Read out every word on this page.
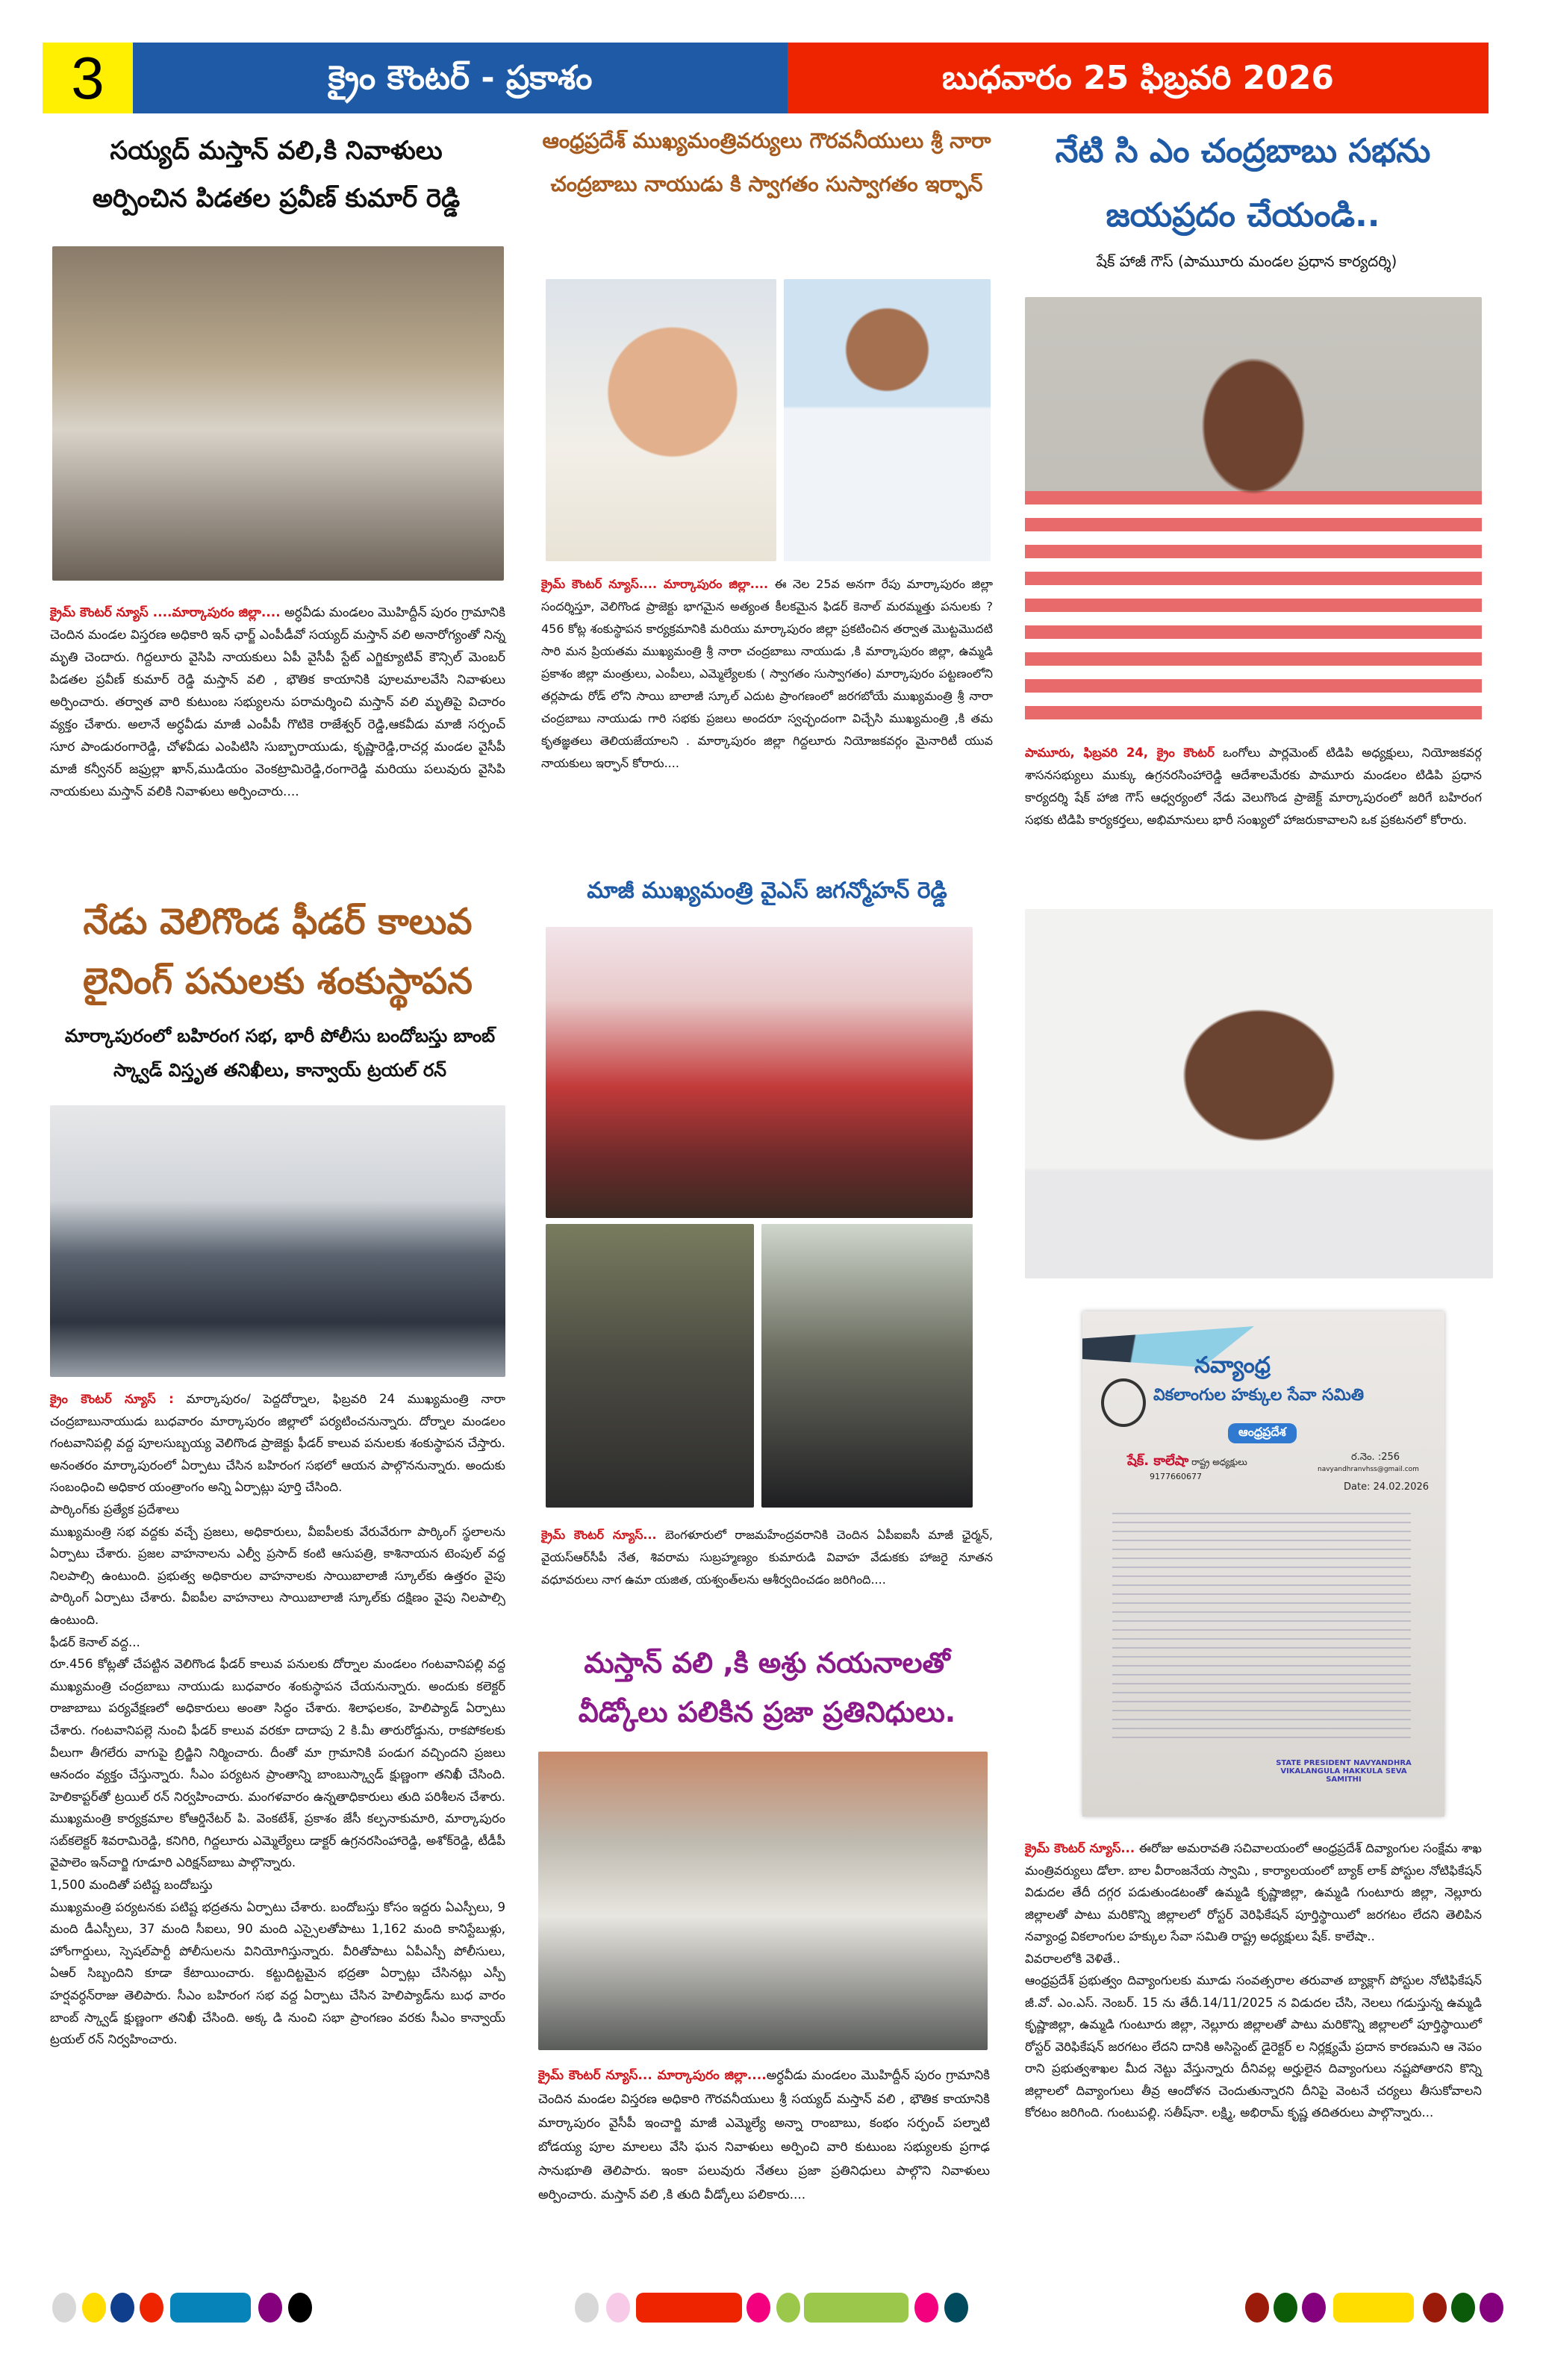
3	క్రైం కౌంటర్ - ప్రకాశం	బుధవారం 25 ఫిబ్రవరి 2026
సయ్యద్ మస్తాన్ వలి,కి నివాళులు అర్పించిన పిడతల ప్రవీణ్ కుమార్ రెడ్డి
క్రైమ్ కౌంటర్ న్యూస్ ....మార్కాపురం జిల్లా.... అర్ధవీడు మండలం మొహిద్దీన్ పురం గ్రామానికి చెందిన మండల విస్తరణ అధికారి ఇన్ ఛార్జ్ ఎంపీడీవో సయ్యద్ మస్తాన్ వలి అనారోగ్యంతో నిన్న మృతి చెందారు. గిద్దలూరు వైసిపి నాయకులు ఏపీ వైసీపీ స్టేట్ ఎగ్జిక్యూటివ్ కౌన్సిల్ మెంబర్ పిడతల ప్రవీణ్ కుమార్ రెడ్డి మస్తాన్ వలి , భౌతిక కాయానికి పూలమాలవేసి నివాళులు అర్పించారు. తర్వాత వారి కుటుంబ సభ్యులను పరామర్శించి మస్తాన్ వలి మృతిపై విచారం వ్యక్తం చేశారు. అలానే అర్ధవీడు మాజీ ఎంపీపీ గొటికె రాజేశ్వర్ రెడ్డి,ఆకవీడు మాజీ సర్పంచ్ సూర పాండురంగారెడ్డి, చోళవీడు ఎంపిటిసి సుబ్బారాయుడు, కృష్ణారెడ్డి,రాచర్ల మండల వైసీపీ మాజీ కన్వీనర్ జఫ్రుల్లా ఖాన్,ముడియం వెంకట్రామిరెడ్డి,రంగారెడ్డి మరియు పలువురు వైసిపి నాయకులు మస్తాన్ వలికి నివాళులు అర్పించారు....
నేడు వెలిగొండ ఫీడర్ కాలువ లైనింగ్ పనులకు శంకుస్థాపన
మార్కాపురంలో బహిరంగ సభ, భారీ పోలీసు బందోబస్తు బాంబ్ స్క్వాడ్ విస్తృత తనిఖీలు, కాన్వాయ్ ట్రయల్ రన్
క్రైం కౌంటర్ న్యూస్ : మార్కాపురం/ పెద్దదోర్నాల, ఫిబ్రవరి 24 ముఖ్యమంత్రి నారా చంద్రబాబునాయుడు బుధవారం మార్కాపురం జిల్లాలో పర్యటించనున్నారు. దోర్నాల మండలం గంటవానిపల్లి వద్ద పూలసుబ్బయ్య వెలిగొండ ప్రాజెక్టు ఫీడర్ కాలువ పనులకు శంకుస్థాపన చేస్తారు. అనంతరం మార్కాపురంలో ఏర్పాటు చేసిన బహిరంగ సభలో ఆయన పాల్గొననున్నారు. అందుకు సంబంధించి అధికార యంత్రాంగం అన్ని ఏర్పాట్లు పూర్తి చేసింది.
పార్కింగ్‌కు ప్రత్యేక ప్రదేశాలు
ముఖ్యమంత్రి సభ వద్దకు వచ్చే ప్రజలు, అధికారులు, వీఐపీలకు వేరువేరుగా పార్కింగ్ స్థలాలను ఏర్పాటు చేశారు. ప్రజల వాహనాలను ఎల్వీ ప్రసాద్ కంటి ఆసుపత్రి, కాశినాయన టెంపుల్ వద్ద నిలపాల్సి ఉంటుంది. ప్రభుత్వ అధికారుల వాహనాలకు సాయిబాలాజీ స్కూల్‌కు ఉత్తరం వైపు పార్కింగ్ ఏర్పాటు చేశారు. వీఐపీల వాహనాలు సాయిబాలాజీ స్కూల్‌కు దక్షిణం వైపు నిలపాల్సి ఉంటుంది.
ఫీడర్ కెనాల్ వద్ద...
రూ.456 కోట్లతో చేపట్టిన వెలిగొండ ఫీడర్ కాలువ పనులకు దోర్నాల మండలం గంటవానిపల్లి వద్ద ముఖ్యమంత్రి చంద్రబాబు నాయుడు బుధవారం శంకుస్థాపన చేయనున్నారు. అందుకు కలెక్టర్ రాజాబాబు పర్యవేక్షణలో అధికారులు అంతా సిద్ధం చేశారు. శిలాఫలకం, హెలిప్యాడ్ ఏర్పాటు చేశారు. గంటవానిపల్లె నుంచి ఫీడర్ కాలువ వరకూ దాదాపు 2 కి.మీ తారురోడ్డును, రాకపోకలకు వీలుగా తీగలేరు వాగుపై బ్రిడ్జిని నిర్మించారు. దీంతో మా గ్రామానికి పండుగ వచ్చిందని ప్రజలు ఆనందం వ్యక్తం చేస్తున్నారు. సీఎం పర్యటన ప్రాంతాన్ని బాంబుస్క్వాడ్ క్షుణ్ణంగా తనిఖీ చేసింది. హెలికాప్టర్‌తో ట్రయిల్ రన్ నిర్వహించారు. మంగళవారం ఉన్నతాధికారులు తుది పరిశీలన చేశారు. ముఖ్యమంత్రి కార్యక్రమాల కోఆర్డినేటర్ పి. వెంకటేశ్, ప్రకాశం జేసీ కల్పనాకుమారి, మార్కాపురం సబ్‌కలెక్టర్ శివరామిరెడ్డి, కనిగిరి, గిద్దలూరు ఎమ్మెల్యేలు డాక్టర్ ఉగ్రనరసింహారెడ్డి, అశోక్‌రెడ్డి, టీడీపీ వైపాలెం ఇన్‌చార్జి గూడూరి ఎరిక్షన్‌బాబు పాల్గొన్నారు.
1,500 మందితో పటిష్ట బందోబస్తు
ముఖ్యమంత్రి పర్యటనకు పటిష్ట భద్రతను ఏర్పాటు చేశారు. బందోబస్తు కోసం ఇద్దరు ఏఎస్పీలు, 9 మంది డీఎస్పీలు, 37 మంది సీఐలు, 90 మంది ఎస్సైలతోపాటు 1,162 మంది కానిస్టేబుళ్లు, హోంగార్డులు, స్పెషల్‌పార్టీ పోలీసులను వినియోగిస్తున్నారు. వీరితోపాటు ఏపీఎస్పీ పోలీసులు, ఏఆర్ సిబ్బందిని కూడా కేటాయించారు. కట్టుదిట్టమైన భద్రతా ఏర్పాట్లు చేసినట్లు ఎస్పీ హర్షవర్ధన్‌రాజు తెలిపారు. సీఎం బహిరంగ సభ వద్ద ఏర్పాటు చేసిన హెలిప్యాడ్‌ను బుధ వారం బాంబ్ స్క్వాడ్ క్షుణ్ణంగా తనిఖీ చేసింది. అక్క డి నుంచి సభా ప్రాంగణం వరకు సీఎం కాన్వాయ్ ట్రయల్ రన్ నిర్వహించారు.
ఆంధ్రప్రదేశ్ ముఖ్యమంత్రివర్యులు గౌరవనీయులు శ్రీ నారా చంద్రబాబు నాయుడు కి స్వాగతం సుస్వాగతం ఇర్ఫాన్
క్రైమ్ కౌంటర్ న్యూస్.... మార్కాపురం జిల్లా.... ఈ నెల 25వ అనగా రేపు మార్కాపురం జిల్లా సందర్శిస్తూ, వెలిగొండ ప్రాజెక్టు భాగమైన అత్యంత కీలకమైన ఫిడర్ కెనాల్ మరమ్మత్తు పనులకు ?456 కోట్ల శంకుస్థాపన కార్యక్రమానికి మరియు మార్కాపురం జిల్లా ప్రకటించిన తర్వాత మొట్టమొదటి సారి మన ప్రియతమ ముఖ్యమంత్రి శ్రీ నారా చంద్రబాబు నాయుడు ,కి మార్కాపురం జిల్లా, ఉమ్మడి ప్రకాశం జిల్లా మంత్రులు, ఎంపీలు, ఎమ్మెల్యేలకు ( స్వాగతం సుస్వాగతం) మార్కాపురం పట్టణంలోని తర్లపాడు రోడ్ లోని సాయి బాలాజీ స్కూల్ ఎదుట ప్రాంగణంలో జరగబోయే ముఖ్యమంత్రి శ్రీ నారా చంద్రబాబు నాయుడు గారి సభకు ప్రజలు అందరూ స్వచ్ఛందంగా విచ్చేసి ముఖ్యమంత్రి ,కి తమ కృతజ్ఞతలు తెలియజేయాలని . మార్కాపురం జిల్లా గిద్దలూరు నియోజకవర్గం మైనారిటీ యువ నాయకులు ఇర్ఫాన్ కోరారు....
మాజీ ముఖ్యమంత్రి వైఎస్ జగన్మోహన్ రెడ్డి
క్రైమ్ కౌంటర్ న్యూస్... బెంగళూరులో రాజమహేంద్రవరానికి చెందిన ఏపీఐఐసీ మాజీ ఛైర్మన్, వైయస్ఆర్‌సీపీ నేత, శివరామ సుబ్రహ్మణ్యం కుమారుడి వివాహ వేడుకకు హాజరై నూతన వధూవరులు నాగ ఉమా యజిత, యశ్వంత్‌లను ఆశీర్వదించడం జరిగింది....
మస్తాన్ వలి ,కి అశ్రు నయనాలతో వీడ్కోలు పలికిన ప్రజా ప్రతినిధులు.
క్రైమ్ కౌంటర్ న్యూస్... మార్కాపురం జిల్లా....అర్ధవీడు మండలం మొహిద్దీన్ పురం గ్రామానికి చెందిన మండల విస్తరణ అధికారి గౌరవనీయులు శ్రీ సయ్యద్ మస్తాన్ వలి , భౌతిక కాయానికి మార్కాపురం వైసీపీ ఇంచార్జి మాజీ ఎమ్మెల్యే అన్నా రాంబాబు, కంభం సర్పంచ్ పల్నాటి బోడయ్య పూల మాలలు వేసి ఘన నివాళులు అర్పించి వారి కుటుంబ సభ్యులకు ప్రగాఢ సానుభూతి తెలిపారు. ఇంకా పలువురు నేతలు ప్రజా ప్రతినిధులు పాల్గొని నివాళులు అర్పించారు. మస్తాన్ వలి ,కి తుది వీడ్కోలు పలికారు....
నేటి సి ఎం చంద్రబాబు సభను జయప్రదం చేయండి..
షేక్ హాజీ గౌస్ (పాముూరు మండల ప్రధాన కార్యదర్శి)
పామూరు, ఫిబ్రవరి 24, క్రైం కౌంటర్ ఒంగోలు పార్లమెంట్ టిడిపి అధ్యక్షులు, నియోజకవర్గ శాసనసభ్యులు ముక్కు ఉగ్రనరసింహారెడ్డి ఆదేశాలమేరకు పామూరు మండలం టిడిపి ప్రధాన కార్యదర్శి షేక్ హాజి గౌస్ ఆధ్వర్యంలో నేడు వెలుగొండ ప్రాజెక్ట్ మార్కాపురంలో జరిగే బహిరంగ సభకు టిడిపి కార్యకర్తలు, అభిమానులు భారీ సంఖ్యలో హాజరుకావాలని ఒక ప్రకటనలో కోరారు.
నవ్యాంధ్ర
వికలాంగుల హక్కుల సేవా సమితి
ఆంధ్రప్రదేశ
షేక్. కాలేషా రాష్ట్ర అధ్యక్షులు
9177660677
ర.నెం. :256
navyandhranvhss@gmail.com
Date: 24.02.2026
STATE PRESIDENT NAVYANDHRA VIKALANGULA HAKKULA SEVA SAMITHI
క్రైమ్ కౌంటర్ న్యూస్... ఈరోజు అమరావతి సచివాలయంలో ఆంధ్రప్రదేశ్ దివ్యాంగుల సంక్షేమ శాఖ మంత్రివర్యులు డోలా. బాల వీరాంజనేయ స్వామి , కార్యాలయంలో బ్యాక్ లాక్ పోస్టుల నోటిఫికేషన్ విడుదల తేదీ దగ్గర పడుతుండటంతో ఉమ్మడి కృష్ణాజిల్లా, ఉమ్మడి గుంటూరు జిల్లా, నెల్లూరు జిల్లాలతో పాటు మరికొన్ని జిల్లాలలో రోస్టర్ వెరిఫికేషన్ పూర్తిస్థాయిలో జరగటం లేదని తెలిపిన నవ్యాంధ్ర వికలాంగుల హక్కుల సేవా సమితి రాష్ట్ర అధ్యక్షులు షేక్. కాలేషా..
వివరాలలోకి వెళితే..
ఆంధ్రప్రదేశ్ ప్రభుత్వం దివ్యాంగులకు మూడు సంవత్సరాల తరువాత బ్యాక్లాగ్ పోస్టుల నోటిఫికేషన్ జీ.వో. ఎం.ఎస్. నెంబర్. 15 ను తేదీ.14/11/2025 న విడుదల చేసి, నెలలు గడుస్తున్న ఉమ్మడి కృష్ణాజిల్లా, ఉమ్మడి గుంటూరు జిల్లా, నెల్లూరు జిల్లాలతో పాటు మరికొన్ని జిల్లాలలో పూర్తిస్థాయిలో రోస్టర్ వెరిఫికేషన్ జరగటం లేదని దానికి అసిస్టెంట్ డైరెక్టర్ ల నిర్లక్ష్యమే ప్రదాన కారణమని ఆ నెపం రాని ప్రభుత్వశాఖల మీద నెట్టు వేస్తున్నారు దీనివల్ల అర్హులైన దివ్యాంగులు నష్టపోతారని కొన్ని జిల్లాలలో దివ్యాంగులు తీవ్ర ఆందోళన చెందుతున్నారని దీనిపై వెంటనే చర్యలు తీసుకోవాలని కోరటం జరిగింది. గుంటుపల్లి. సతీష్‌నా. లక్ష్మి, అభిరామ్ కృష్ణ తదితరులు పాల్గొన్నారు...
